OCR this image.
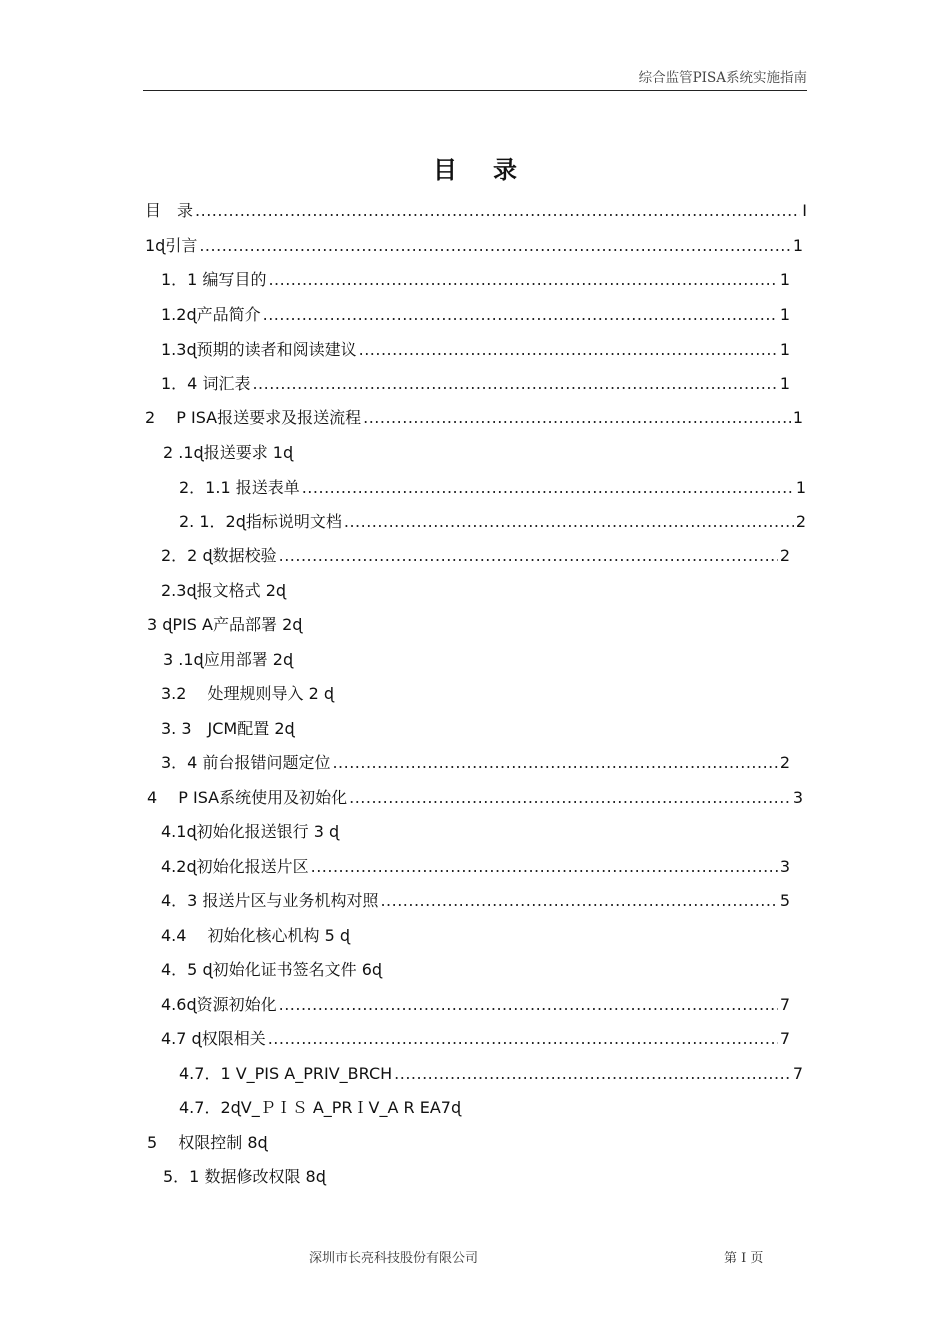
综合监管PISA系统实施指南
目录
目　录 .....	I
1ɖ引言 .....	1
1．1 编写目的 .....	1
1.2ɖ产品简介 .....	1
1.3ɖ预期的读者和阅读建议 .....	1
1．4 词汇表 .....	1
2　 P ISA报送要求及报送流程 .....	1
2 .1ɖ报送要求 1ɖ
2．1.1 报送表单 .....	1
2. 1．2ɖ指标说明文档 .....	2
2．2 ɖ数据校验 .....	2
2.3ɖ报文格式 2ɖ
3 ɖPIS A产品部署 2ɖ
3 .1ɖ应用部署 2ɖ
3.2　 处理规则导入 2 ɖ
3. 3　JCM配置 2ɖ
3．4 前台报错问题定位 .....	2
4　 P ISA系统使用及初始化 .....	3
4.1ɖ初始化报送银行 3 ɖ
4.2ɖ初始化报送片区 .....	3
4．3 报送片区与业务机构对照 .....	5
4.4　 初始化核心机构 5 ɖ
4．5 ɖ初始化证书签名文件 6ɖ
4.6ɖ资源初始化 .....	7
4.7 ɖ权限相关 .....	7
4.7．1 V_PIS A_PRIV_BRCH .....	7
4.7．2ɖV_ＰＩＳ A_PRＩV_A R EA7ɖ
5　 权限控制 8ɖ
5．1 数据修改权限 8ɖ
深圳市长亮科技股份有限公司	第 I 页
